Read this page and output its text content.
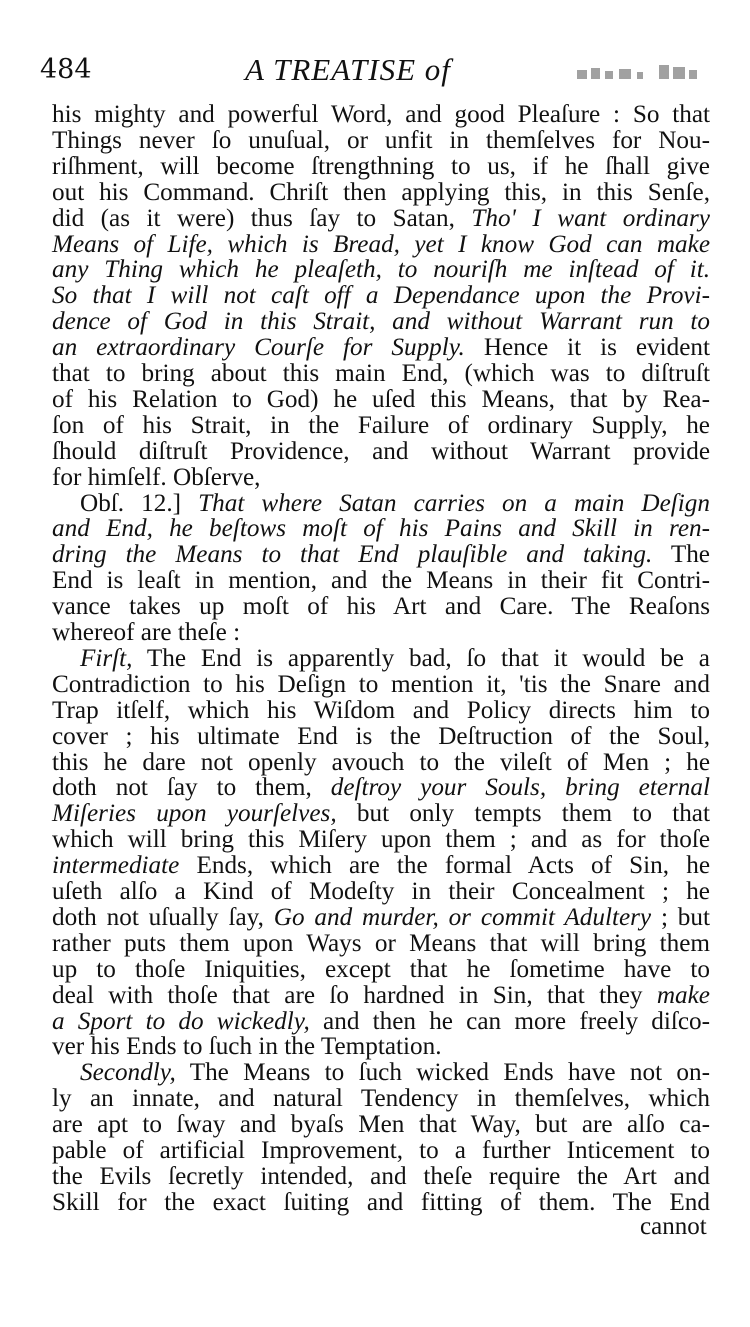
484	A TREATISE of
his mighty and powerful Word, and good Pleaſure : So that
Things never ſo unuſual, or unfit in themſelves for Nou-
riſhment, will become ſtrengthning to us, if he ſhall give
out his Command. Chriſt then applying this, in this Senſe,
did (as it were) thus ſay to Satan, Tho' I want ordinary
Means of Life, which is Bread, yet I know God can make
any Thing which he pleaſeth, to nouriſh me inſtead of it.
So that I will not caſt off a Dependance upon the Provi-
dence of God in this Strait, and without Warrant run to
an extraordinary Courſe for Supply. Hence it is evident
that to bring about this main End, (which was to diſtruſt
of his Relation to God) he uſed this Means, that by Rea-
ſon of his Strait, in the Failure of ordinary Supply, he
ſhould diſtruſt Providence, and without Warrant provide
for himſelf. Obſerve,
Obſ. 12.] That where Satan carries on a main Deſign
and End, he beſtows moſt of his Pains and Skill in ren-
dring the Means to that End plauſible and taking. The
End is leaſt in mention, and the Means in their fit Contri-
vance takes up moſt of his Art and Care. The Reaſons
whereof are theſe :
Firſt, The End is apparently bad, ſo that it would be a
Contradiction to his Deſign to mention it, 'tis the Snare and
Trap itſelf, which his Wiſdom and Policy directs him to
cover ; his ultimate End is the Deſtruction of the Soul,
this he dare not openly avouch to the vileſt of Men ; he
doth not ſay to them, deſtroy your Souls, bring eternal
Miſeries upon yourſelves, but only tempts them to that
which will bring this Miſery upon them ; and as for thoſe
intermediate Ends, which are the formal Acts of Sin, he
uſeth alſo a Kind of Modeſty in their Concealment ; he
doth not uſually ſay, Go and murder, or commit Adultery ; but
rather puts them upon Ways or Means that will bring them
up to thoſe Iniquities, except that he ſometime have to
deal with thoſe that are ſo hardned in Sin, that they make
a Sport to do wickedly, and then he can more freely diſco-
ver his Ends to ſuch in the Temptation.
Secondly, The Means to ſuch wicked Ends have not on-
ly an innate, and natural Tendency in themſelves, which
are apt to ſway and byaſs Men that Way, but are alſo ca-
pable of artificial Improvement, to a further Inticement to
the Evils ſecretly intended, and theſe require the Art and
Skill for the exact ſuiting and fitting of them. The End
cannot
